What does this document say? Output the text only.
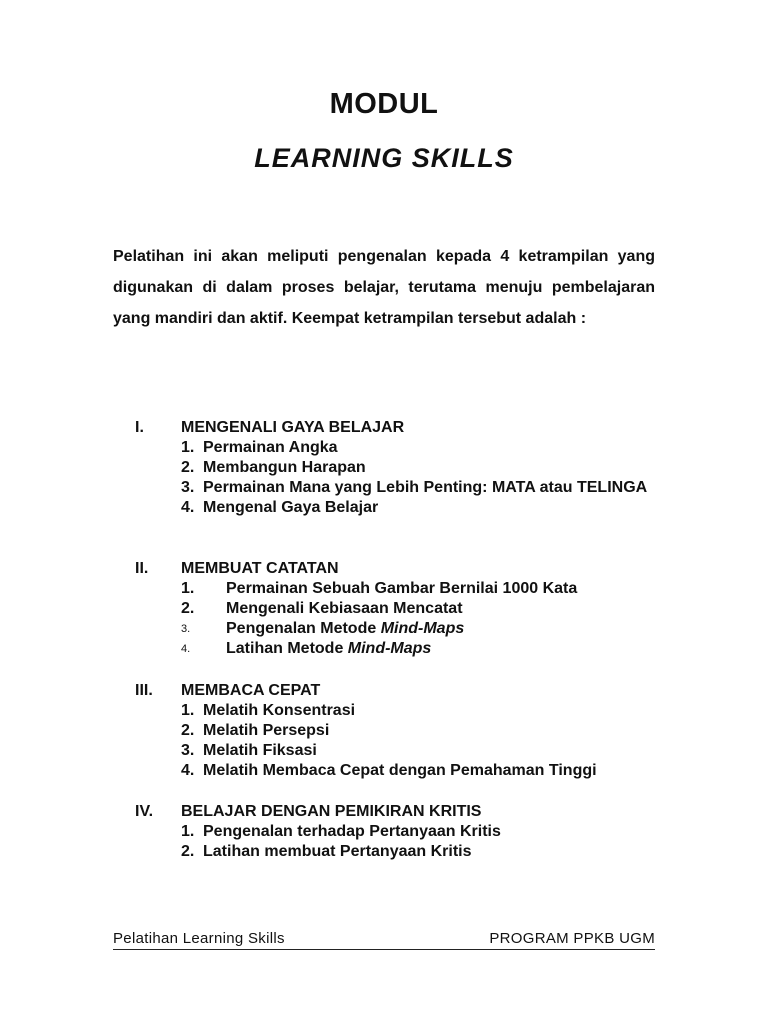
MODUL
LEARNING SKILLS

Pelatihan ini akan meliputi pengenalan kepada 4 ketrampilan yang digunakan di dalam proses belajar, terutama menuju pembelajaran yang mandiri dan aktif. Keempat ketrampilan tersebut adalah :

I. MENGENALI GAYA BELAJAR
1. Permainan Angka
2. Membangun Harapan
3. Permainan Mana yang Lebih Penting: MATA atau TELINGA
4. Mengenal Gaya Belajar
II. MEMBUAT CATATAN
1.	Permainan Sebuah Gambar Bernilai 1000 Kata
2.	Mengenali Kebiasaan Mencatat
3.	Pengenalan Metode Mind-Maps
4.	Latihan Metode Mind-Maps
III. MEMBACA CEPAT
1. Melatih Konsentrasi
2. Melatih Persepsi
3. Melatih Fiksasi
4. Melatih Membaca Cepat dengan Pemahaman Tinggi
IV. BELAJAR DENGAN PEMIKIRAN KRITIS
1. Pengenalan terhadap Pertanyaan Kritis
2. Latihan membuat Pertanyaan Kritis
Pelatihan Learning Skills	PROGRAM PPKB UGM
